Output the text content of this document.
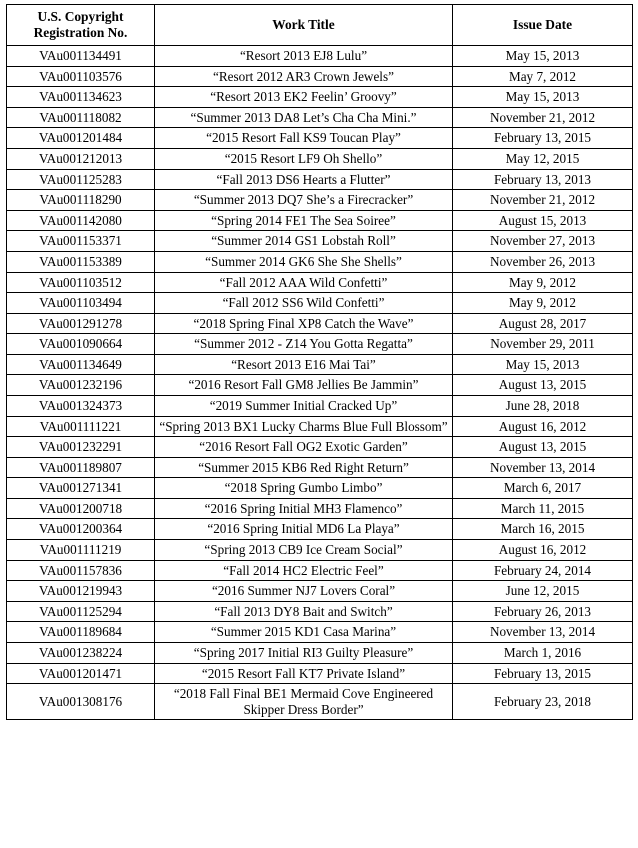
U.S. Copyright Registration No.	Work Title	Issue Date
VAu001134491	“Resort 2013 EJ8 Lulu”	May 15, 2013
VAu001103576	“Resort 2012 AR3 Crown Jewels”	May 7, 2012
VAu001134623	“Resort 2013 EK2 Feelin’ Groovy”	May 15, 2013
VAu001118082	“Summer 2013 DA8 Let’s Cha Cha Mini.”	November 21, 2012
VAu001201484	“2015 Resort Fall KS9 Toucan Play”	February 13, 2015
VAu001212013	“2015 Resort LF9 Oh Shello”	May 12, 2015
VAu001125283	“Fall 2013 DS6 Hearts a Flutter”	February 13, 2013
VAu001118290	“Summer 2013 DQ7 She’s a Firecracker”	November 21, 2012
VAu001142080	“Spring 2014 FE1 The Sea Soiree”	August 15, 2013
VAu001153371	“Summer 2014 GS1 Lobstah Roll”	November 27, 2013
VAu001153389	“Summer 2014 GK6 She She Shells”	November 26, 2013
VAu001103512	“Fall 2012 AAA Wild Confetti”	May 9, 2012
VAu001103494	“Fall 2012 SS6 Wild Confetti”	May 9, 2012
VAu001291278	“2018 Spring Final XP8 Catch the Wave”	August 28, 2017
VAu001090664	“Summer 2012 - Z14 You Gotta Regatta”	November 29, 2011
VAu001134649	“Resort 2013 E16 Mai Tai”	May 15, 2013
VAu001232196	“2016 Resort Fall GM8 Jellies Be Jammin”	August 13, 2015
VAu001324373	“2019 Summer Initial Cracked Up”	June 28, 2018
VAu001111221	“Spring 2013 BX1 Lucky Charms Blue Full Blossom”	August 16, 2012
VAu001232291	“2016 Resort Fall OG2 Exotic Garden”	August 13, 2015
VAu001189807	“Summer 2015 KB6 Red Right Return”	November 13, 2014
VAu001271341	“2018 Spring Gumbo Limbo”	March 6, 2017
VAu001200718	“2016 Spring Initial MH3 Flamenco”	March 11, 2015
VAu001200364	“2016 Spring Initial MD6 La Playa”	March 16, 2015
VAu001111219	“Spring 2013 CB9 Ice Cream Social”	August 16, 2012
VAu001157836	“Fall 2014 HC2 Electric Feel”	February 24, 2014
VAu001219943	“2016 Summer NJ7 Lovers Coral”	June 12, 2015
VAu001125294	“Fall 2013 DY8 Bait and Switch”	February 26, 2013
VAu001189684	“Summer 2015 KD1 Casa Marina”	November 13, 2014
VAu001238224	“Spring 2017 Initial RI3 Guilty Pleasure”	March 1, 2016
VAu001201471	“2015 Resort Fall KT7 Private Island”	February 13, 2015
VAu001308176	“2018 Fall Final BE1 Mermaid Cove Engineered Skipper Dress Border”	February 23, 2018
